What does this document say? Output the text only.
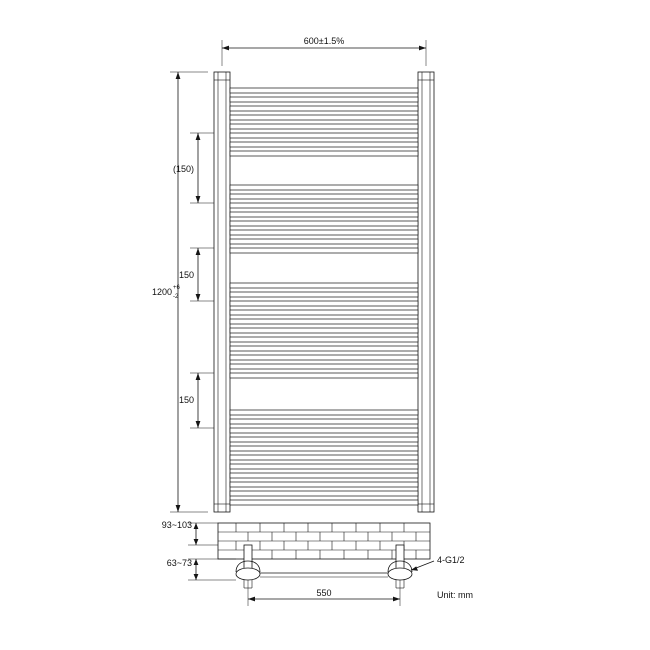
600±1.5%
1200 +6
-2
(150)
150
150
93~103
63~73
550
4-G1/2
Unit: mm
